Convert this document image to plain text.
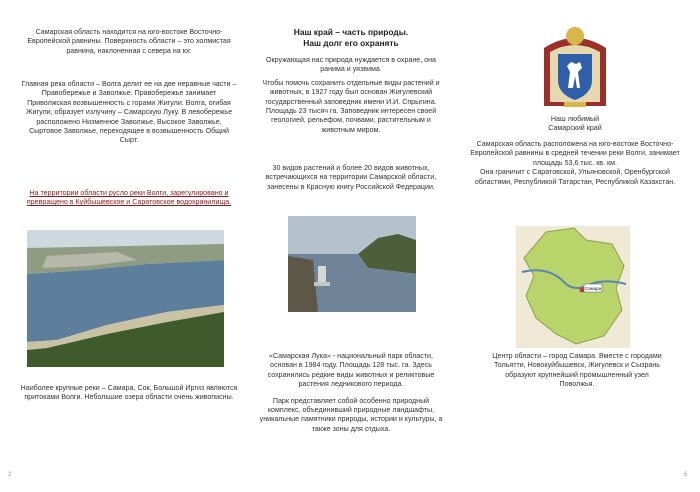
Самарская область находится на юго-востоке Восточно-Европейской равнины. Поверхность области – это холмистая равнина, наклоненная с севера на юг.

Главная река области – Волга делит ее на две неравные части – Правобережье и Заволжье. Правобережье занимает Приволжская возвышенность с горами Жигули. Волга, огибая Жигули, образует излучину – Самарскую Луку. В левобережье расположено Низменное Заволжье, Высокое Заволжье, Сыртовое Заволжье, переходящее в возвышенность Общий Сырт.

На территории области русло реки Волги, зарегулировано и превращено в Куйбышевское и Саратовское водохранилища.

Наиболее крупные реки – Самара, Сок, Большой Иргиз являются притоками Волги. Небольшие озера области очень живописны.

Наш край – часть природы.
Наш долг его охранять

Окружающая нас природа нуждается в охране, она ранима и уязвима.

Чтобы помочь сохранить отдельные виды растений и животных, в 1927 году был основан Жигулевский государственный заповедник имени И.И. Спрыгина. Площадь 23 тысяч га. Заповедник интересен своей геологией, рельефом, почвами, растительным и животным миром.

30 видов растений и более 20 видов животных, встречающихся на территории Самарской области, занесены в Красную книгу Российской Федерации.

«Самарская Лука» - национальный парк области, основан в 1984 году. Площадь 128 тыс. га. Здесь сохранились редкие виды животных и реликтовые растения ледникового периода.

Парк представляет собой особенно природный комплекс, объединивший природные ландшафты, уникальные памятники природы, истории и культуры, а также зоны для отдыха.

Наш любимый
Самарский край

Самарская область расположена на юго-востоке Восточно-Европейской равнины в средней течении реки Волги, занимает площадь 53,6 тыс. кв. км.

Она граничит с Саратовской, Ульяновской, Оренбургской областями, Республикой Татарстан, Республикой Казахстан.

Самара

Центр области – город Самара. Вместе с городами Тольятти, Новокуйбышевск, Жигулевск и Сызрань образуют крупнейший промышленный узел Поволжья.

2	6
